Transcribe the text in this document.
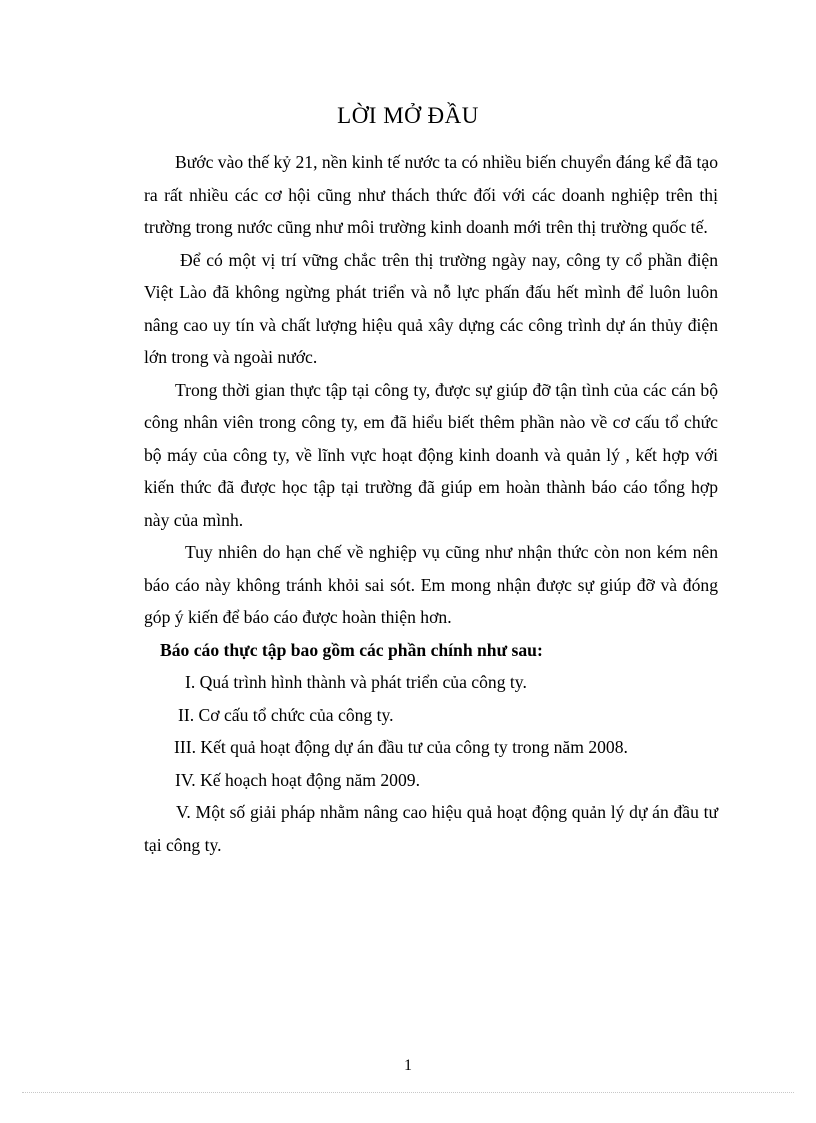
LỜI MỞ ĐẦU

Bước vào thế kỷ 21, nền kinh tế nước ta có nhiều biến chuyển đáng kể đã tạo ra rất nhiều các cơ hội cũng như thách thức đối với các doanh nghiệp trên thị trường trong nước cũng như môi trường kinh doanh mới trên thị trường quốc tế.

Để có một vị trí vững chắc trên thị trường ngày nay, công ty cổ phần điện Việt Lào đã không ngừng phát triển và nỗ lực phấn đấu hết mình để luôn luôn nâng cao uy tín và chất lượng hiệu quả xây dựng các công trình dự án thủy điện lớn trong và ngoài nước.

Trong thời gian thực tập tại công ty, được sự giúp đỡ tận tình của các cán bộ công nhân viên trong công ty, em đã hiểu biết thêm phần nào về cơ cấu tổ chức bộ máy của công ty, về lĩnh vực hoạt động kinh doanh và quản lý , kết hợp với kiến thức đã được học tập tại trường đã giúp em hoàn thành báo cáo tổng hợp này của mình.

Tuy nhiên do hạn chế về nghiệp vụ cũng như nhận thức còn non kém nên báo cáo này không tránh khỏi sai sót. Em mong nhận được sự giúp đỡ và đóng góp ý kiến để báo cáo được hoàn thiện hơn.

Báo cáo thực tập bao gồm các phần chính như sau:

I. Quá trình hình thành và phát triển của công ty.
II. Cơ cấu tổ chức của công ty.
III. Kết quả hoạt động dự án đầu tư của công ty trong năm 2008.
IV. Kế hoạch hoạt động năm 2009.
V. Một số giải pháp nhằm nâng cao hiệu quả hoạt động quản lý dự án đầu tư tại công ty.
1
